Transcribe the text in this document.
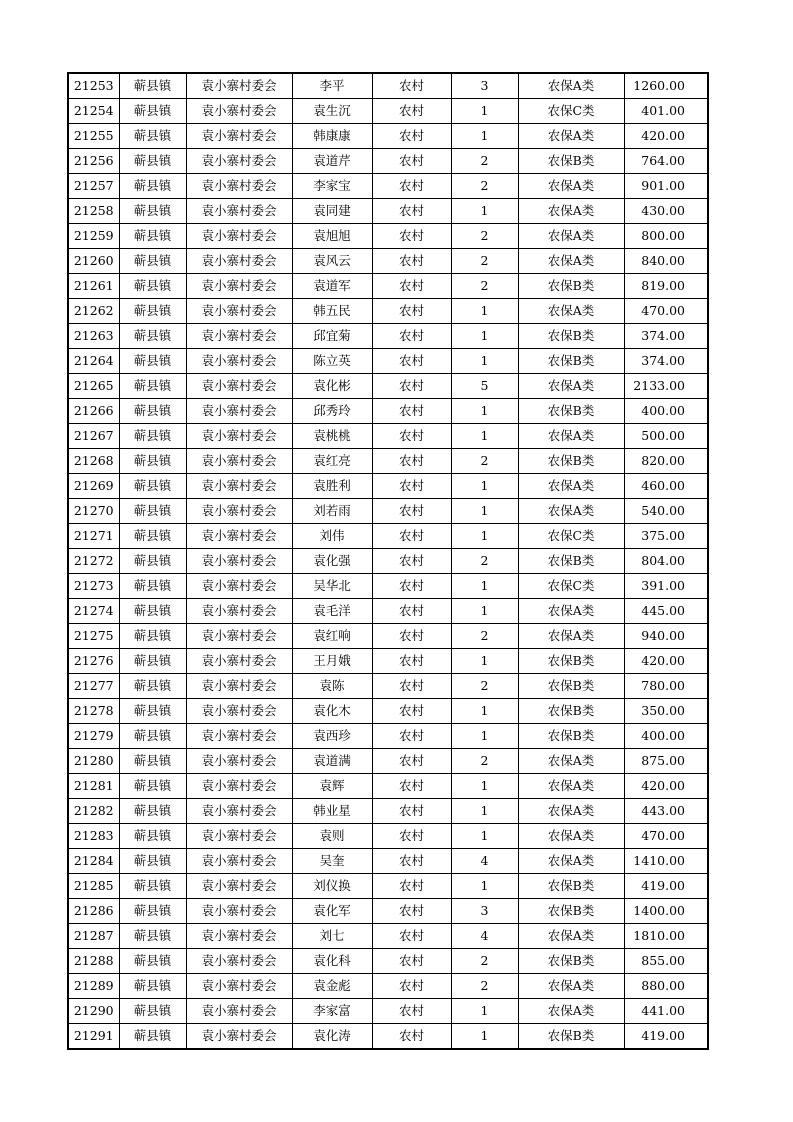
21253	蕲县镇	袁小寨村委会	李平	农村	3	农保A类	1260.00
21254	蕲县镇	袁小寨村委会	袁生沉	农村	1	农保C类	401.00
21255	蕲县镇	袁小寨村委会	韩康康	农村	1	农保A类	420.00
21256	蕲县镇	袁小寨村委会	袁道芹	农村	2	农保B类	764.00
21257	蕲县镇	袁小寨村委会	李家宝	农村	2	农保A类	901.00
21258	蕲县镇	袁小寨村委会	袁同建	农村	1	农保A类	430.00
21259	蕲县镇	袁小寨村委会	袁旭旭	农村	2	农保A类	800.00
21260	蕲县镇	袁小寨村委会	袁风云	农村	2	农保A类	840.00
21261	蕲县镇	袁小寨村委会	袁道军	农村	2	农保B类	819.00
21262	蕲县镇	袁小寨村委会	韩五民	农村	1	农保A类	470.00
21263	蕲县镇	袁小寨村委会	邱宜菊	农村	1	农保B类	374.00
21264	蕲县镇	袁小寨村委会	陈立英	农村	1	农保B类	374.00
21265	蕲县镇	袁小寨村委会	袁化彬	农村	5	农保A类	2133.00
21266	蕲县镇	袁小寨村委会	邱秀玲	农村	1	农保B类	400.00
21267	蕲县镇	袁小寨村委会	袁桃桃	农村	1	农保A类	500.00
21268	蕲县镇	袁小寨村委会	袁红亮	农村	2	农保B类	820.00
21269	蕲县镇	袁小寨村委会	袁胜利	农村	1	农保A类	460.00
21270	蕲县镇	袁小寨村委会	刘若雨	农村	1	农保A类	540.00
21271	蕲县镇	袁小寨村委会	刘伟	农村	1	农保C类	375.00
21272	蕲县镇	袁小寨村委会	袁化强	农村	2	农保B类	804.00
21273	蕲县镇	袁小寨村委会	吴华北	农村	1	农保C类	391.00
21274	蕲县镇	袁小寨村委会	袁毛洋	农村	1	农保A类	445.00
21275	蕲县镇	袁小寨村委会	袁红响	农村	2	农保A类	940.00
21276	蕲县镇	袁小寨村委会	王月娥	农村	1	农保B类	420.00
21277	蕲县镇	袁小寨村委会	袁陈	农村	2	农保B类	780.00
21278	蕲县镇	袁小寨村委会	袁化木	农村	1	农保B类	350.00
21279	蕲县镇	袁小寨村委会	袁西珍	农村	1	农保B类	400.00
21280	蕲县镇	袁小寨村委会	袁道满	农村	2	农保A类	875.00
21281	蕲县镇	袁小寨村委会	袁辉	农村	1	农保A类	420.00
21282	蕲县镇	袁小寨村委会	韩业星	农村	1	农保A类	443.00
21283	蕲县镇	袁小寨村委会	袁则	农村	1	农保A类	470.00
21284	蕲县镇	袁小寨村委会	吴奎	农村	4	农保A类	1410.00
21285	蕲县镇	袁小寨村委会	刘仪换	农村	1	农保B类	419.00
21286	蕲县镇	袁小寨村委会	袁化军	农村	3	农保B类	1400.00
21287	蕲县镇	袁小寨村委会	刘七	农村	4	农保A类	1810.00
21288	蕲县镇	袁小寨村委会	袁化科	农村	2	农保B类	855.00
21289	蕲县镇	袁小寨村委会	袁金彪	农村	2	农保A类	880.00
21290	蕲县镇	袁小寨村委会	李家富	农村	1	农保A类	441.00
21291	蕲县镇	袁小寨村委会	袁化涛	农村	1	农保B类	419.00
